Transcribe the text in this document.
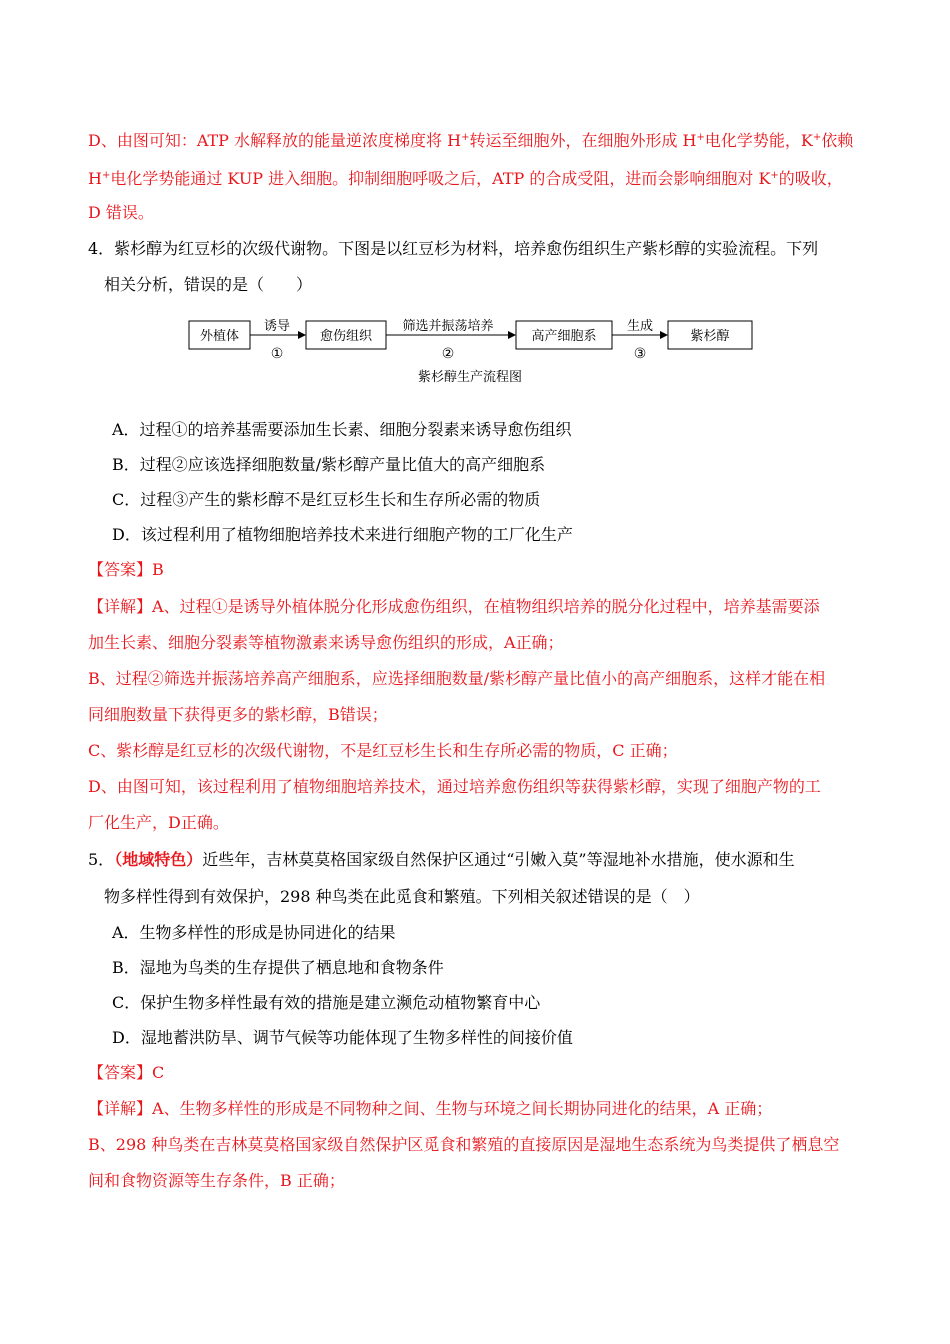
D、由图可知：ATP 水解释放的能量逆浓度梯度将 H+转运至细胞外，在细胞外形成 H+电化学势能，K+依赖
H+电化学势能通过 KUP 进入细胞。抑制细胞呼吸之后，ATP 的合成受阻，进而会影响细胞对 K+的吸收，
D 错误。
4．紫杉醇为红豆杉的次级代谢物。下图是以红豆杉为材料，培养愈伤组织生产紫杉醇的实验流程。下列
相关分析，错误的是（　　）
外植体	愈伤组织	高产细胞系	紫杉醇
诱导	筛选并振荡培养	生成
①	②	③
紫杉醇生产流程图
A．过程①的培养基需要添加生长素、细胞分裂素来诱导愈伤组织
B．过程②应该选择细胞数量/紫杉醇产量比值大的高产细胞系
C．过程③产生的紫杉醇不是红豆杉生长和生存所必需的物质
D．该过程利用了植物细胞培养技术来进行细胞产物的工厂化生产
【答案】B
【详解】A、过程①是诱导外植体脱分化形成愈伤组织，在植物组织培养的脱分化过程中，培养基需要添
加生长素、细胞分裂素等植物激素来诱导愈伤组织的形成，A正确；
B、过程②筛选并振荡培养高产细胞系，应选择细胞数量/紫杉醇产量比值小的高产细胞系，这样才能在相
同细胞数量下获得更多的紫杉醇，B错误；
C、紫杉醇是红豆杉的次级代谢物，不是红豆杉生长和生存所必需的物质，C 正确；
D、由图可知，该过程利用了植物细胞培养技术，通过培养愈伤组织等获得紫杉醇，实现了细胞产物的工
厂化生产，D正确。
5．（地域特色）近些年，吉林莫莫格国家级自然保护区通过“引嫩入莫”等湿地补水措施，使水源和生
物多样性得到有效保护，298 种鸟类在此觅食和繁殖。下列相关叙述错误的是（　）
A．生物多样性的形成是协同进化的结果
B．湿地为鸟类的生存提供了栖息地和食物条件
C．保护生物多样性最有效的措施是建立濒危动植物繁育中心
D．湿地蓄洪防旱、调节气候等功能体现了生物多样性的间接价值
【答案】C
【详解】A、生物多样性的形成是不同物种之间、生物与环境之间长期协同进化的结果，A 正确；
B、298 种鸟类在吉林莫莫格国家级自然保护区觅食和繁殖的直接原因是湿地生态系统为鸟类提供了栖息空
间和食物资源等生存条件，B 正确；
